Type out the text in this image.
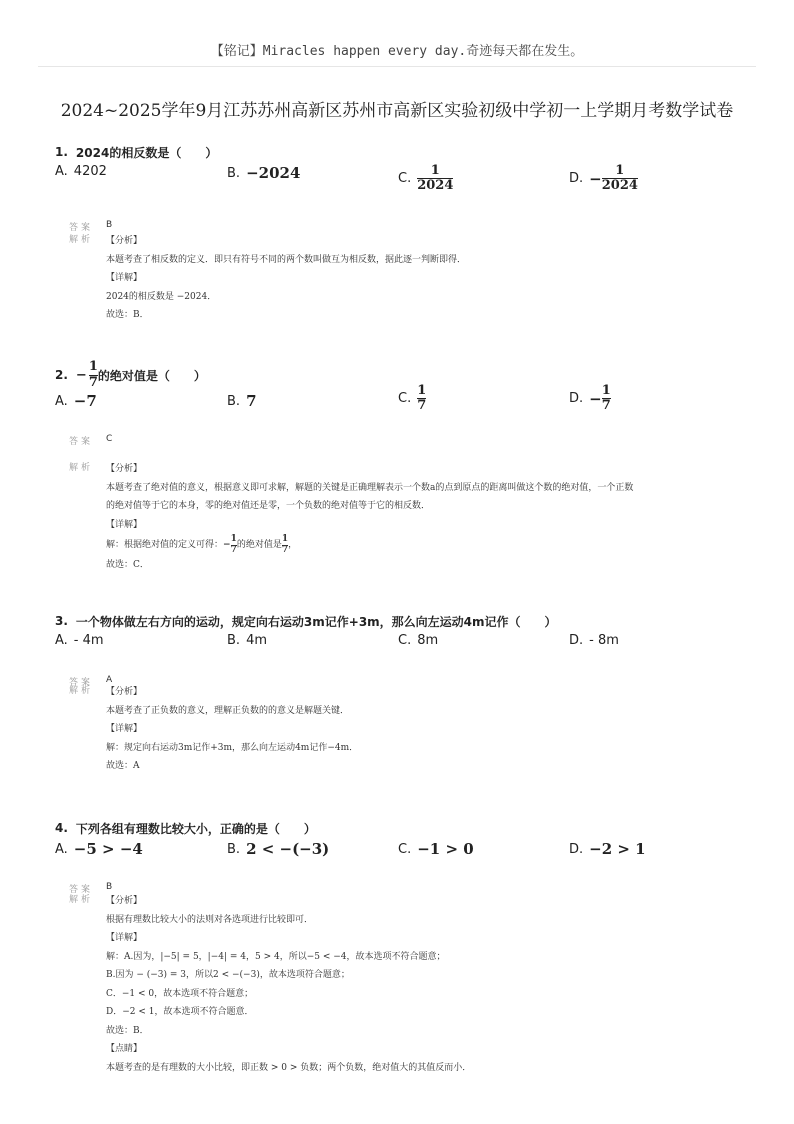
【铭记】Miracles happen every day.奇迹每天都在发生。
2024~2025学年9月江苏苏州高新区苏州市高新区实验初级中学初一上学期月考数学试卷
1. 2024的相反数是（　　）
A. 4202	B. −2024	C. $\frac{1}{2024}$	D. − $\frac{1}{2024}$
答案 B
解析 【分析】
本题考查了相反数的定义．即只有符号不同的两个数叫做互为相反数，据此逐一判断即得．
【详解】
2024的相反数是 −2024．
故选：B．
2. − $\frac{1}{7}$ 的绝对值是（　　）
A. −7	B. 7	C. $\frac{1}{7}$	D. − $\frac{1}{7}$
答案 C
解析 【分析】
本题考查了绝对值的意义，根据意义即可求解，解题的关键是正确理解表示一个数a的点到原点的距离叫做这个数的绝对值，一个正数
的绝对值等于它的本身，零的绝对值还是零，一个负数的绝对值等于它的相反数．
【详解】
解：根据绝对值的定义可得： − $\frac{1}{7}$ 的绝对值是 $\frac{1}{7}$ ，
故选：C．
3. 一个物体做左右方向的运动，规定向右运动3m记作+3m，那么向左运动4m记作（　　）
A. - 4m	B. 4m	C. 8m	D. - 8m
答案 A
解析 【分析】
本题考查了正负数的意义，理解正负数的的意义是解题关键．
【详解】
解：规定向右运动3m记作+3m，那么向左运动4m记作−4m．
故选：A
4. 下列各组有理数比较大小，正确的是（　　）
A. −5 > −4	B. 2 < −(−3)	C. −1 > 0	D. −2 > 1
答案 B
解析 【分析】
根据有理数比较大小的法则对各选项进行比较即可．
【详解】
解：A.因为，|−5| = 5，|−4| = 4，5 > 4，所以−5 < −4，故本选项不符合题意；
B.因为 − (−3) = 3，所以2 < −(−3)，故本选项符合题意；
C．−1 < 0，故本选项不符合题意；
D．−2 < 1，故本选项不符合题意．
故选：B．
【点睛】
本题考查的是有理数的大小比较，即正数 > 0 > 负数；两个负数，绝对值大的其值反而小．
